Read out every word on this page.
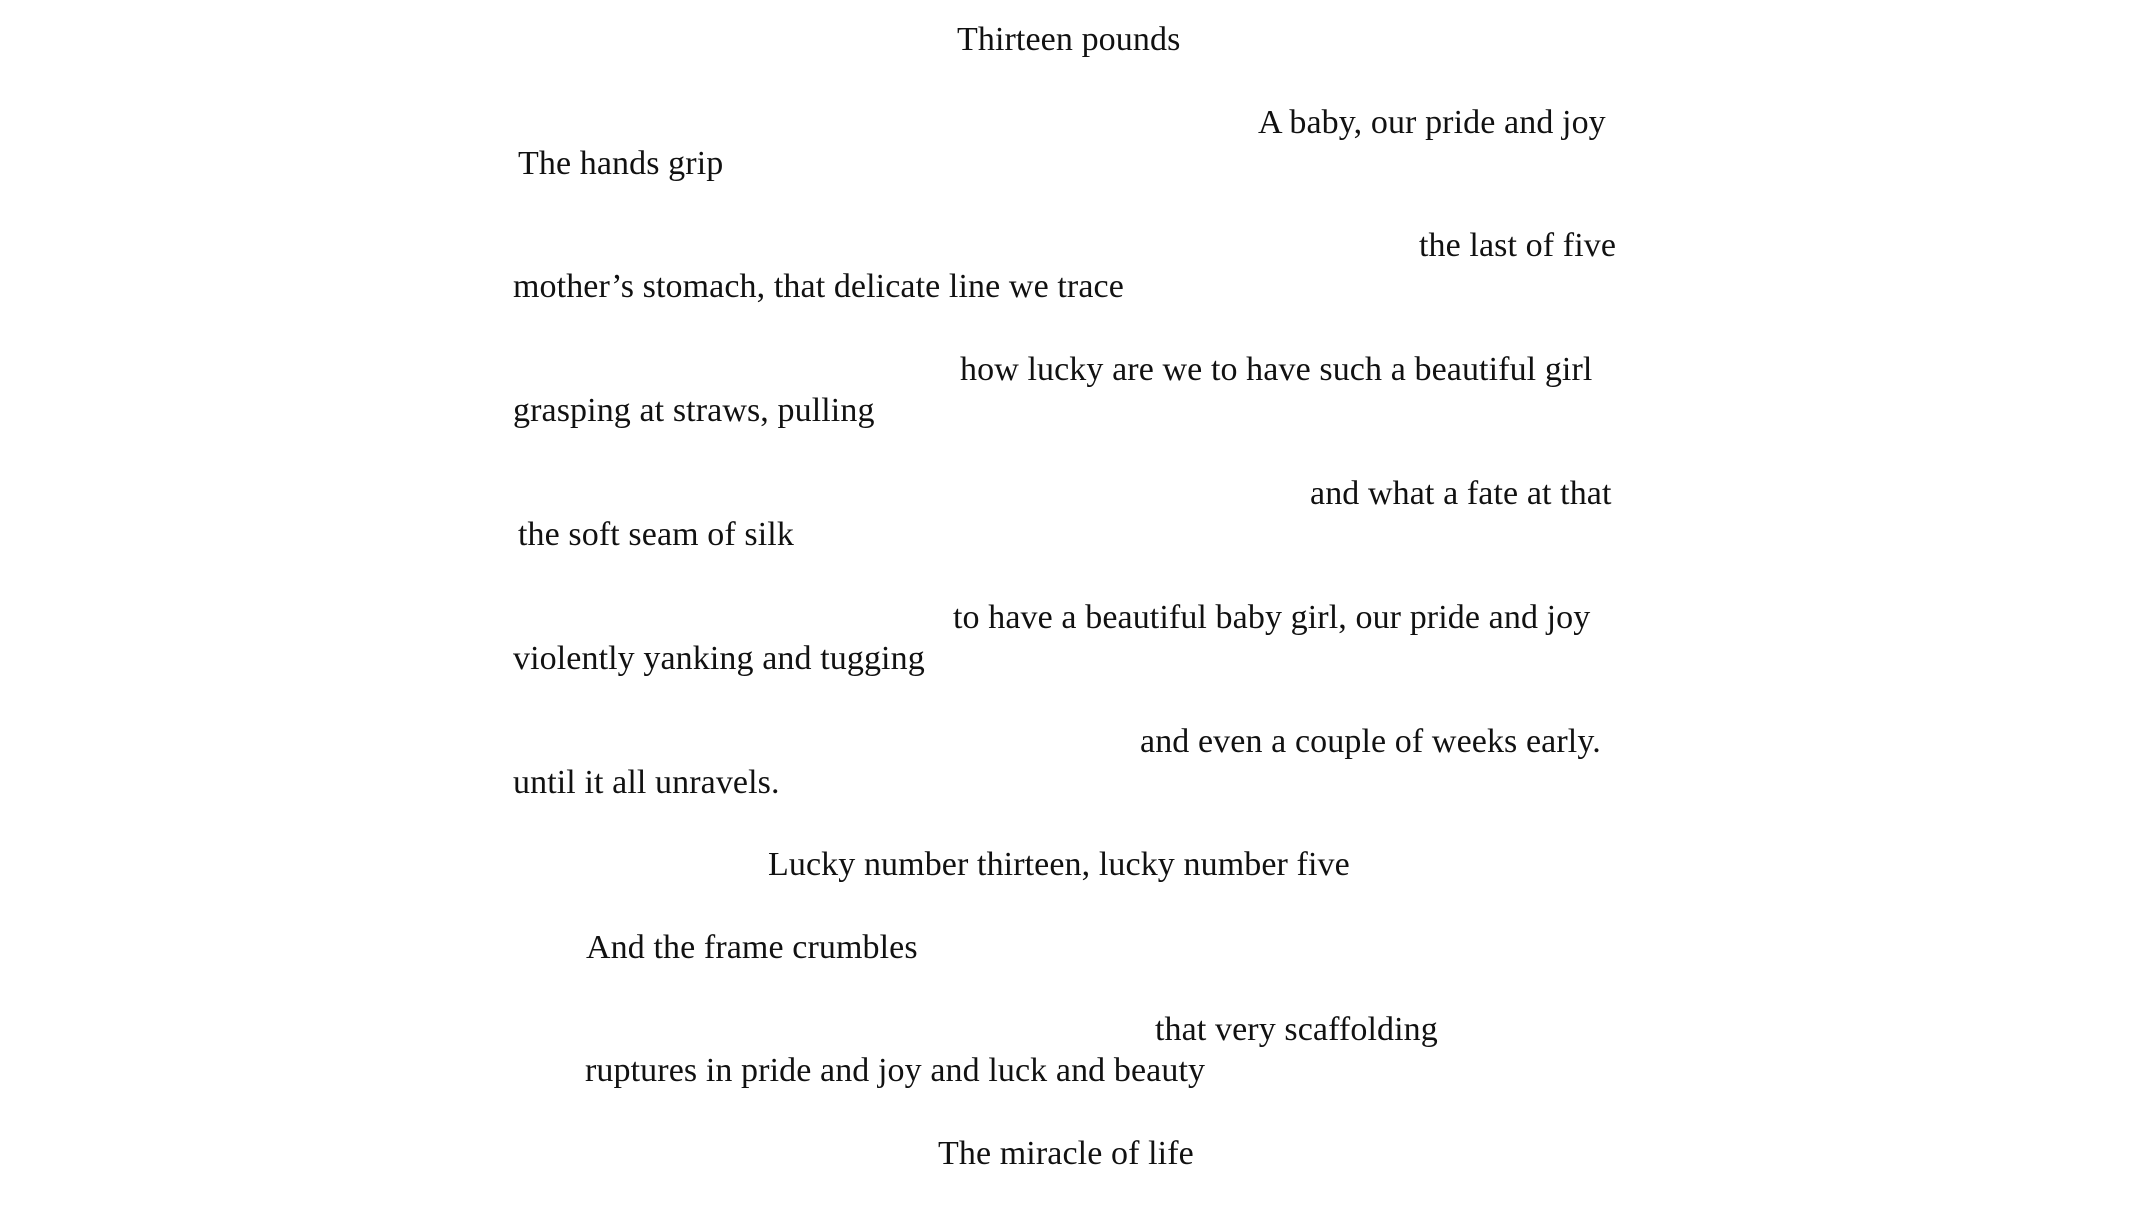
Thirteen pounds
A baby, our pride and joy
The hands grip
the last of five
mother’s stomach, that delicate line we trace
how lucky are we to have such a beautiful girl
grasping at straws, pulling
and what a fate at that
the soft seam of silk
to have a beautiful baby girl, our pride and joy
violently yanking and tugging
and even a couple of weeks early.
until it all unravels.
Lucky number thirteen, lucky number five
And the frame crumbles
that very scaffolding
ruptures in pride and joy and luck and beauty
The miracle of life
